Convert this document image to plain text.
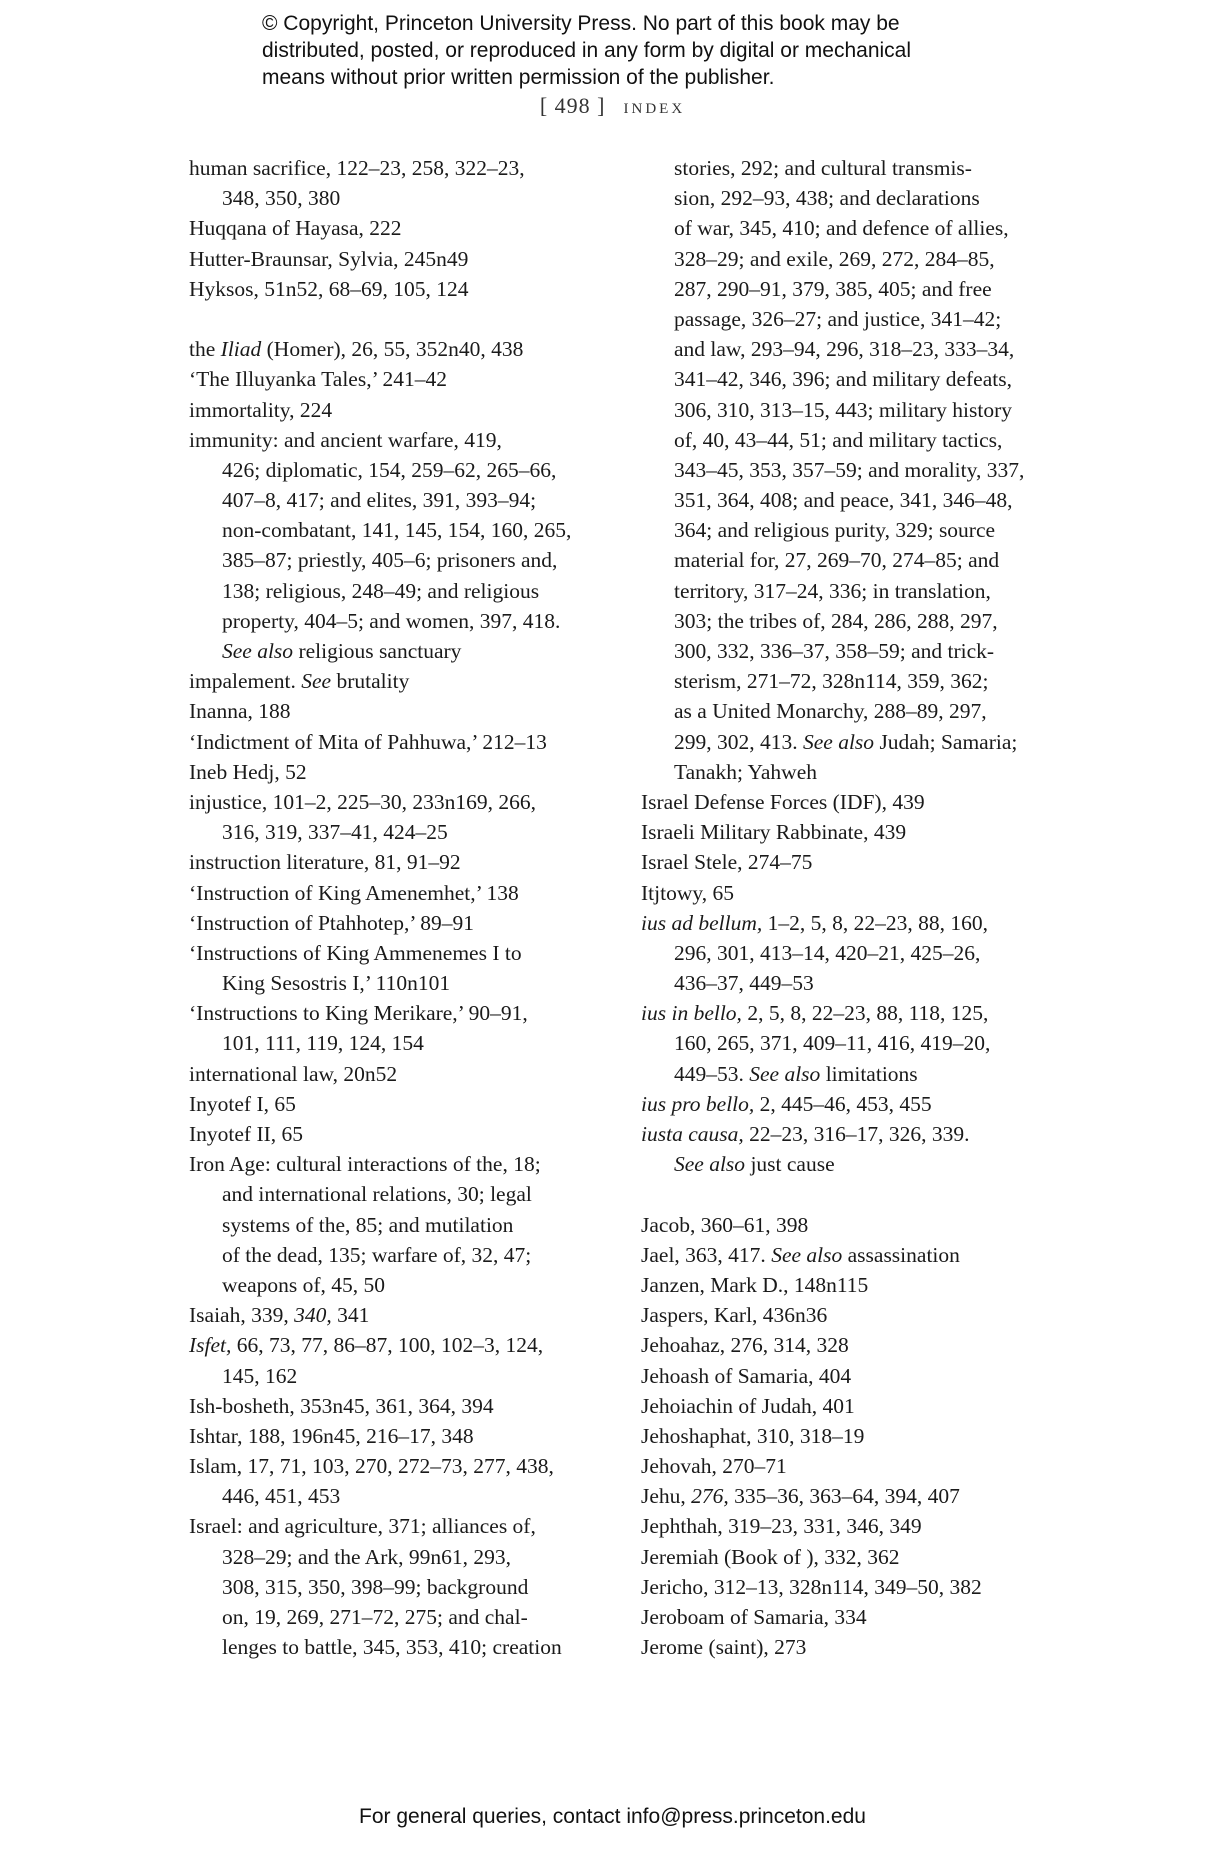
© Copyright, Princeton University Press. No part of this book may be
distributed, posted, or reproduced in any form by digital or mechanical
means without prior written permission of the publisher.
[ 498 ] index
human sacrifice, 122–23, 258, 322–23,
348, 350, 380
Huqqana of Hayasa, 222
Hutter-Braunsar, Sylvia, 245n49
Hyksos, 51n52, 68–69, 105, 124
the Iliad (Homer), 26, 55, 352n40, 438
‘The Illuyanka Tales,’ 241–42
immortality, 224
immunity: and ancient warfare, 419,
426; diplomatic, 154, 259–62, 265–66,
407–8, 417; and elites, 391, 393–94;
non-combatant, 141, 145, 154, 160, 265,
385–87; priestly, 405–6; prisoners and,
138; religious, 248–49; and religious
property, 404–5; and women, 397, 418.
See also religious sanctuary
impalement. See brutality
Inanna, 188
‘Indictment of Mita of Pahhuwa,’ 212–13
Ineb Hedj, 52
injustice, 101–2, 225–30, 233n169, 266,
316, 319, 337–41, 424–25
instruction literature, 81, 91–92
‘Instruction of King Amenemhet,’ 138
‘Instruction of Ptahhotep,’ 89–91
‘Instructions of King Ammenemes I to
King Sesostris I,’ 110n101
‘Instructions to King Merikare,’ 90–91,
101, 111, 119, 124, 154
international law, 20n52
Inyotef I, 65
Inyotef II, 65
Iron Age: cultural interactions of the, 18;
and international relations, 30; legal
systems of the, 85; and mutilation
of the dead, 135; warfare of, 32, 47;
weapons of, 45, 50
Isaiah, 339, 340, 341
Isfet, 66, 73, 77, 86–87, 100, 102–3, 124,
145, 162
Ish-bosheth, 353n45, 361, 364, 394
Ishtar, 188, 196n45, 216–17, 348
Islam, 17, 71, 103, 270, 272–73, 277, 438,
446, 451, 453
Israel: and agriculture, 371; alliances of,
328–29; and the Ark, 99n61, 293,
308, 315, 350, 398–99; background
on, 19, 269, 271–72, 275; and chal-
lenges to battle, 345, 353, 410; creation
stories, 292; and cultural transmis-
sion, 292–93, 438; and declarations
of war, 345, 410; and defence of allies,
328–29; and exile, 269, 272, 284–85,
287, 290–91, 379, 385, 405; and free
passage, 326–27; and justice, 341–42;
and law, 293–94, 296, 318–23, 333–34,
341–42, 346, 396; and military defeats,
306, 310, 313–15, 443; military history
of, 40, 43–44, 51; and military tactics,
343–45, 353, 357–59; and morality, 337,
351, 364, 408; and peace, 341, 346–48,
364; and religious purity, 329; source
material for, 27, 269–70, 274–85; and
territory, 317–24, 336; in translation,
303; the tribes of, 284, 286, 288, 297,
300, 332, 336–37, 358–59; and trick-
sterism, 271–72, 328n114, 359, 362;
as a United Monarchy, 288–89, 297,
299, 302, 413. See also Judah; Samaria;
Tanakh; Yahweh
Israel Defense Forces (IDF), 439
Israeli Military Rabbinate, 439
Israel Stele, 274–75
Itjtowy, 65
ius ad bellum, 1–2, 5, 8, 22–23, 88, 160,
296, 301, 413–14, 420–21, 425–26,
436–37, 449–53
ius in bello, 2, 5, 8, 22–23, 88, 118, 125,
160, 265, 371, 409–11, 416, 419–20,
449–53. See also limitations
ius pro bello, 2, 445–46, 453, 455
iusta causa, 22–23, 316–17, 326, 339.
See also just cause
Jacob, 360–61, 398
Jael, 363, 417. See also assassination
Janzen, Mark D., 148n115
Jaspers, Karl, 436n36
Jehoahaz, 276, 314, 328
Jehoash of Samaria, 404
Jehoiachin of Judah, 401
Jehoshaphat, 310, 318–19
Jehovah, 270–71
Jehu, 276, 335–36, 363–64, 394, 407
Jephthah, 319–23, 331, 346, 349
Jeremiah (Book of ), 332, 362
Jericho, 312–13, 328n114, 349–50, 382
Jeroboam of Samaria, 334
Jerome (saint), 273
For general queries, contact info@press.princeton.edu
